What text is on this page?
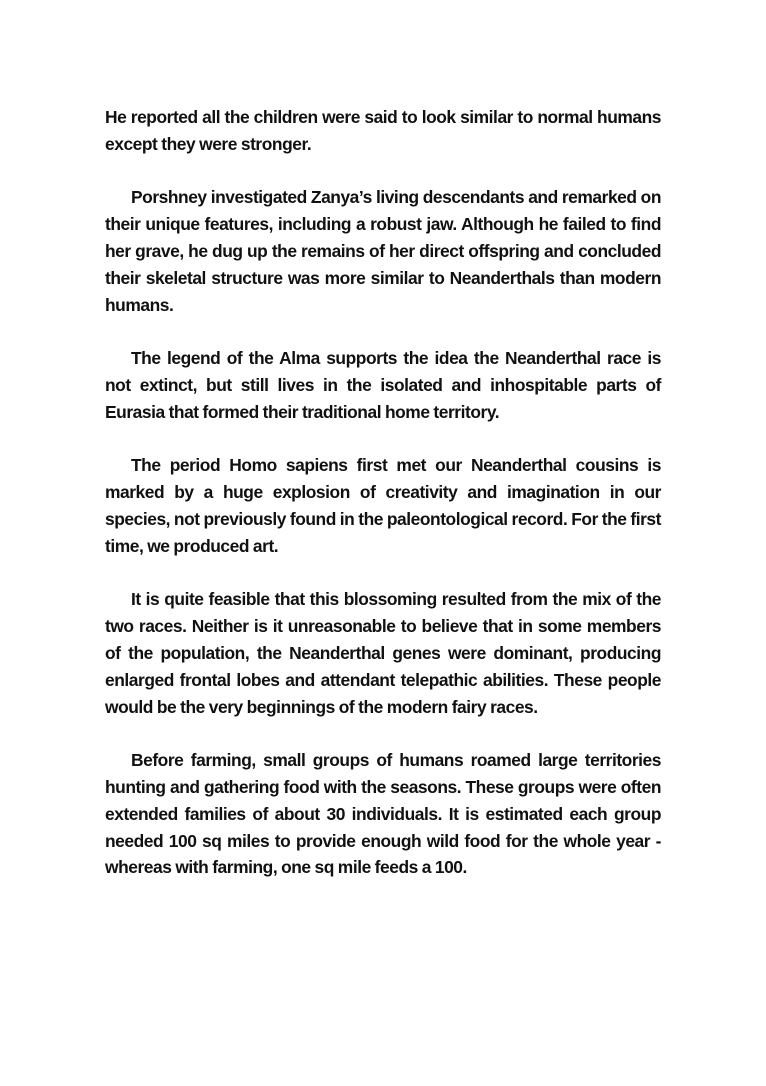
He reported all the children were said to look similar to normal humans except they were stronger.

Porshney investigated Zanya’s living descendants and remarked on their unique features, including a robust jaw. Although he failed to find her grave, he dug up the remains of her direct offspring and concluded their skeletal structure was more similar to Neanderthals than modern humans.

The legend of the Alma supports the idea the Neanderthal race is not extinct, but still lives in the isolated and inhospitable parts of Eurasia that formed their traditional home territory.

The period Homo sapiens first met our Neanderthal cousins is marked by a huge explosion of creativity and imagination in our species, not previously found in the paleontological record. For the first time, we produced art.

It is quite feasible that this blossoming resulted from the mix of the two races. Neither is it unreasonable to believe that in some members of the population, the Neanderthal genes were dominant, producing enlarged frontal lobes and attendant telepathic abilities. These people would be the very beginnings of the modern fairy races.

Before farming, small groups of humans roamed large territories hunting and gathering food with the seasons. These groups were often extended families of about 30 individuals. It is estimated each group needed 100 sq miles to provide enough wild food for the whole year - whereas with farming, one sq mile feeds a 100.
